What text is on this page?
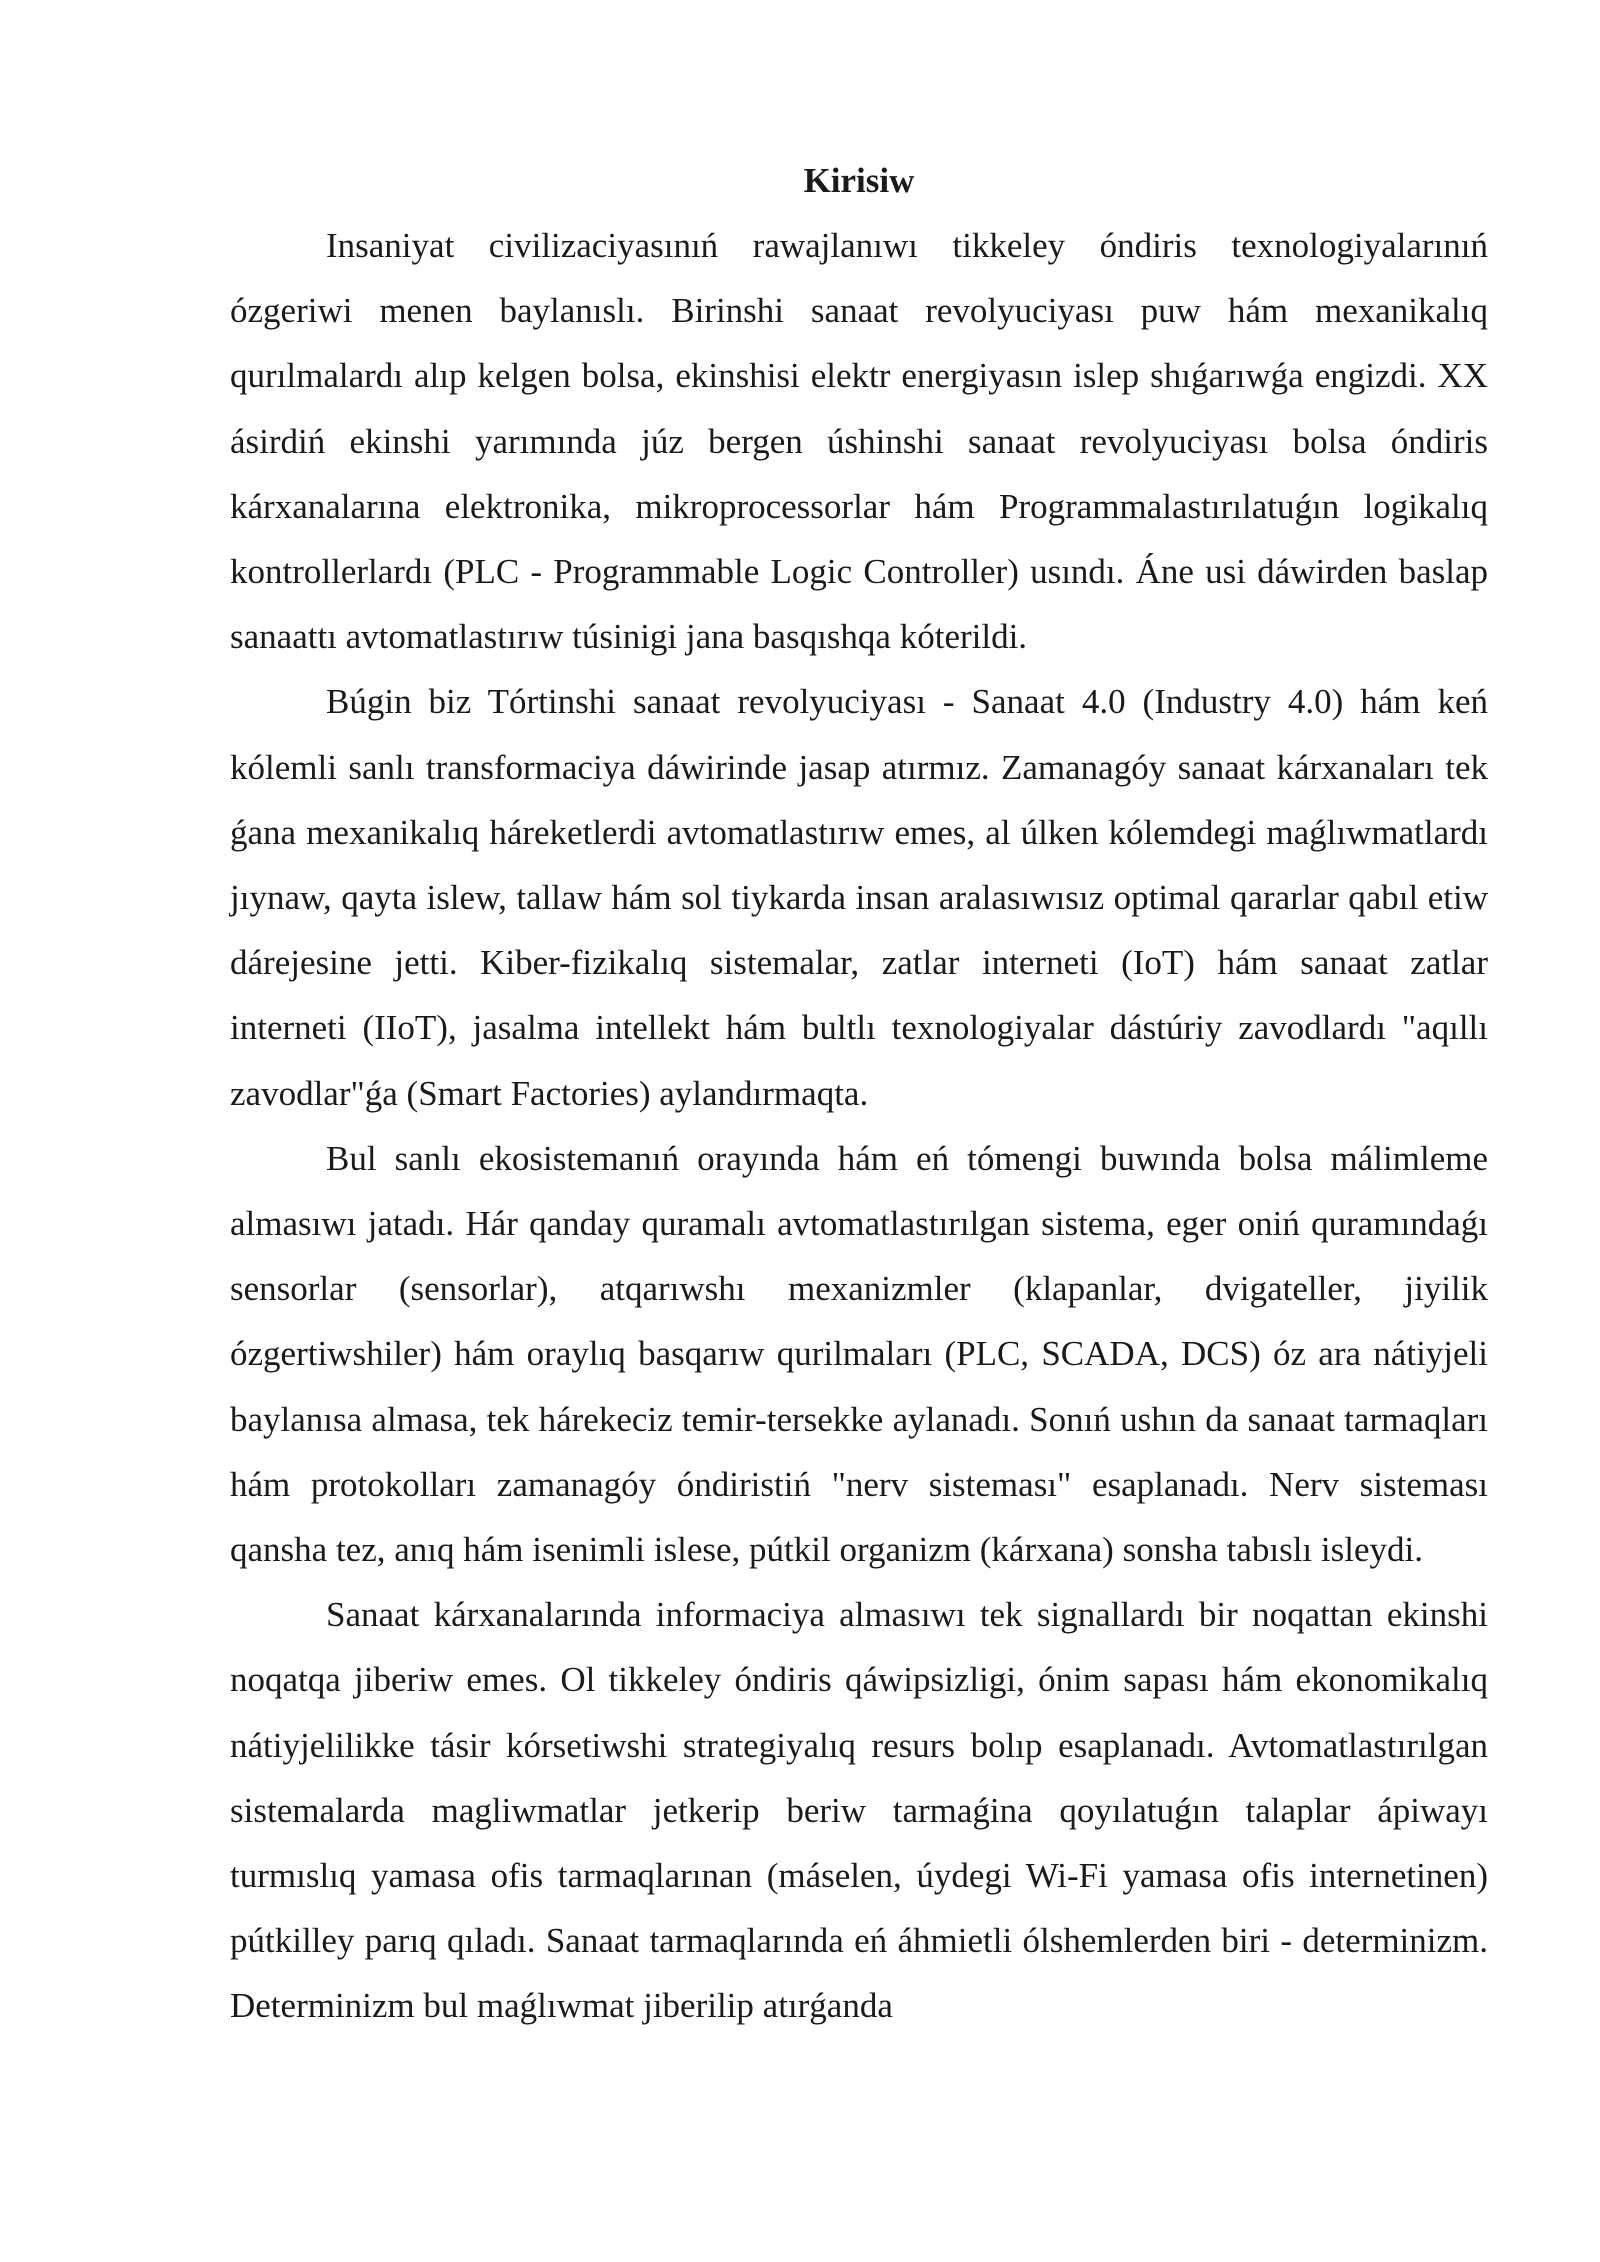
Kirisiw

Insaniyat civilizaciyasınıń rawajlanıwı tikkeley óndiris texnologiyalarınıń ózgeriwi menen baylanıslı. Birinshi sanaat revolyuciyası puw hám mexanikalıq qurılmalardı alıp kelgen bolsa, ekinshisi elektr energiyasın islep shıǵarıwǵa engizdi. XX ásirdiń ekinshi yarımında júz bergen úshinshi sanaat revolyuciyası bolsa óndiris kárxanalarına elektronika, mikroprocessorlar hám Programmalastırılatuǵın logikalıq kontrollerlardı (PLC - Programmable Logic Controller) usındı. Áne usi dáwirden baslap sanaattı avtomatlastırıw túsinigi jana basqıshqa kóterildi.

Búgin biz Tórtinshi sanaat revolyuciyası - Sanaat 4.0 (Industry 4.0) hám keń kólemli sanlı transformaciya dáwirinde jasap atırmız. Zamanagóy sanaat kárxanaları tek ǵana mexanikalıq háreketlerdi avtomatlastırıw emes, al úlken kólemdegi maǵlıwmatlardı jıynaw, qayta islew, tallaw hám sol tiykarda insan aralasıwısız optimal qararlar qabıl etiw dárejesine jetti. Kiber-fizikalıq sistemalar, zatlar interneti (IoT) hám sanaat zatlar interneti (IIoT), jasalma intellekt hám bultlı texnologiyalar dástúriy zavodlardı "aqıllı zavodlar"ǵa (Smart Factories) aylandırmaqta.

Bul sanlı ekosistemanıń orayında hám eń tómengi buwında bolsa málimleme almasıwı jatadı. Hár qanday quramalı avtomatlastırılgan sistema, eger oniń quramındaǵı sensorlar (sensorlar), atqarıwshı mexanizmler (klapanlar, dvigateller, jiyilik ózgertiwshiler) hám oraylıq basqarıw qurilmaları (PLC, SCADA, DCS) óz ara nátiyjeli baylanısa almasa, tek hárekeciz temir-tersekke aylanadı. Sonıń ushın da sanaat tarmaqları hám protokolları zamanagóy óndiristiń "nerv sisteması" esaplanadı. Nerv sisteması qansha tez, anıq hám isenimli islese, pútkil organizm (kárxana) sonsha tabıslı isleydi.

Sanaat kárxanalarında informaciya almasıwı tek signallardı bir noqattan ekinshi noqatqa jiberiw emes. Ol tikkeley óndiris qáwipsizligi, ónim sapası hám ekonomikalıq nátiyjelilikke tásir kórsetiwshi strategiyalıq resurs bolıp esaplanadı. Avtomatlastırılgan sistemalarda magliwmatlar jetkerip beriw tarmaǵina qoyılatuǵın talaplar ápiwayı turmıslıq yamasa ofis tarmaqlarınan (máselen, úydegi Wi-Fi yamasa ofis internetinen) pútkilley parıq qıladı. Sanaat tarmaqlarında eń áhmietli ólshemlerden biri - determinizm. Determinizm bul maǵlıwmat jiberilip atırǵanda
